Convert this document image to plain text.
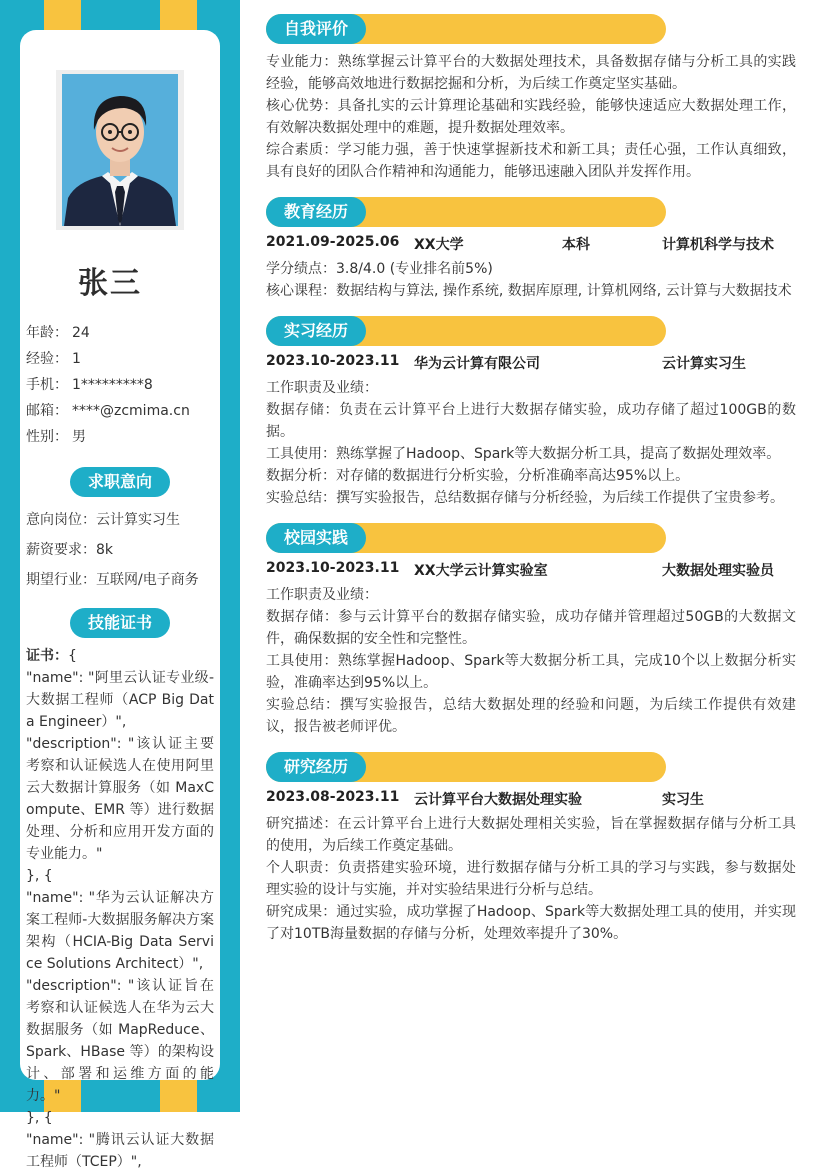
张三
年龄： 24
经验： 1
手机： 1*********8
邮箱： ****@zcmima.cn
性别： 男
求职意向
意向岗位：云计算实习生
薪资要求：8k
期望行业：互联网/电子商务
技能证书
证书：{
"name": "阿里云认证专业级-大数据工程师（ACP Big Data Engineer）",
"description": "该认证主要考察和认证候选人在使用阿里云大数据计算服务（如 MaxCompute、EMR 等）进行数据处理、分析和应用开发方面的专业能力。"
}, {
"name": "华为云认证解决方案工程师-大数据服务解决方案架构（HCIA-Big Data Service Solutions Architect）",
"description": "该认证旨在考察和认证候选人在华为云大数据服务（如 MapReduce、Spark、HBase 等）的架构设计、部署和运维方面的能力。"
}, {
"name": "腾讯云认证大数据工程师（TCEP）",
自我评价

专业能力：熟练掌握云计算平台的大数据处理技术，具备数据存储与分析工具的实践经验，能够高效地进行数据挖掘和分析，为后续工作奠定坚实基础。

核心优势：具备扎实的云计算理论基础和实践经验，能够快速适应大数据处理工作，有效解决数据处理中的难题，提升数据处理效率。

综合素质：学习能力强，善于快速掌握新技术和新工具；责任心强，工作认真细致，具有良好的团队合作精神和沟通能力，能够迅速融入团队并发挥作用。

教育经历
2021.09-2025.06 XX大学	本科	计算机科学与技术

学分绩点：3.8/4.0 (专业排名前5%)

核心课程：数据结构与算法, 操作系统, 数据库原理, 计算机网络, 云计算与大数据技术

实习经历
2023.10-2023.11 华为云计算有限公司	云计算实习生

工作职责及业绩：

数据存储：负责在云计算平台上进行大数据存储实验，成功存储了超过100GB的数据。

工具使用：熟练掌握了Hadoop、Spark等大数据分析工具，提高了数据处理效率。

数据分析：对存储的数据进行分析实验，分析准确率高达95%以上。

实验总结：撰写实验报告，总结数据存储与分析经验，为后续工作提供了宝贵参考。

校园实践
2023.10-2023.11 XX大学云计算实验室	大数据处理实验员

工作职责及业绩：

数据存储：参与云计算平台的数据存储实验，成功存储并管理超过50GB的大数据文件，确保数据的安全性和完整性。

工具使用：熟练掌握Hadoop、Spark等大数据分析工具，完成10个以上数据分析实验，准确率达到95%以上。

实验总结：撰写实验报告，总结大数据处理的经验和问题，为后续工作提供有效建议，报告被老师评优。

研究经历
2023.08-2023.11 云计算平台大数据处理实验	实习生

研究描述：在云计算平台上进行大数据处理相关实验，旨在掌握数据存储与分析工具的使用，为后续工作奠定基础。

个人职责：负责搭建实验环境，进行数据存储与分析工具的学习与实践，参与数据处理实验的设计与实施，并对实验结果进行分析与总结。

研究成果：通过实验，成功掌握了Hadoop、Spark等大数据处理工具的使用，并实现了对10TB海量数据的存储与分析，处理效率提升了30%。
